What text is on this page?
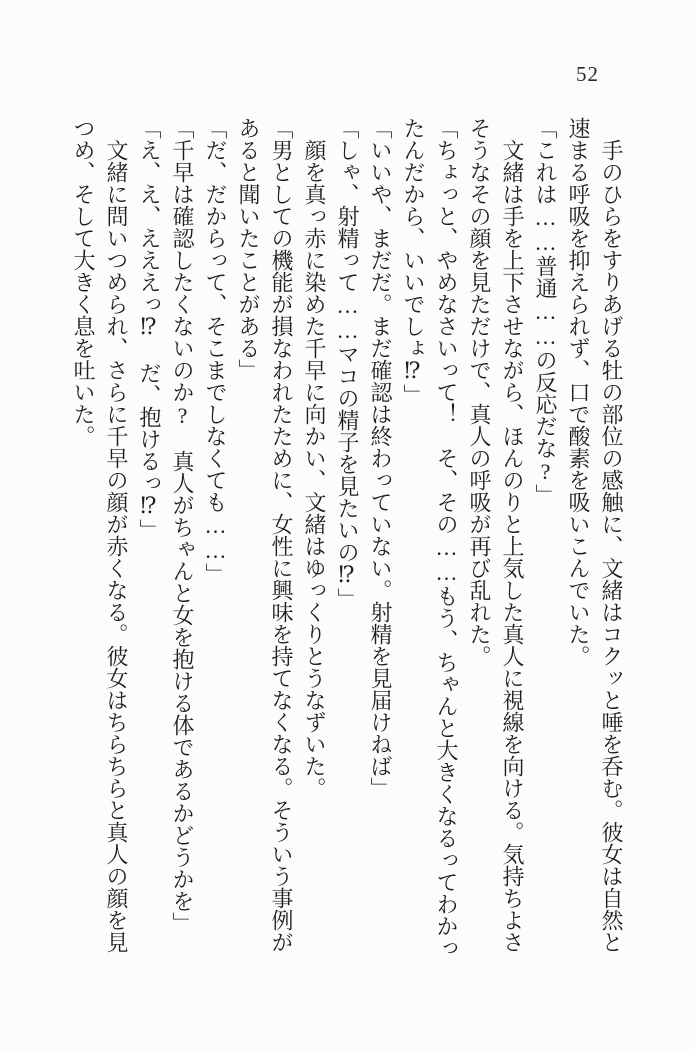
52

　手のひらをすりあげる牡の部位の感触に、文緒はコクッと唾を呑む。彼女は自然と

速まる呼吸を抑えられず、口で酸素を吸いこんでいた。

「これは……普通……の反応だな?」

　文緒は手を上下させながら、ほんのりと上気した真人に視線を向ける。気持ちよさ

そうなその顔を見ただけで、真人の呼吸が再び乱れた。

「ちょっと、やめなさいって！　そ、その……もう、ちゃんと大きくなるってわかっ

たんだから、いいでしょ⁉」

「いいや、まだだ。まだ確認は終わっていない。射精を見届けねば」

「しゃ、射精って……マコの精子を見たいの⁉」

　顔を真っ赤に染めた千早に向かい、文緒はゆっくりとうなずいた。

「男としての機能が損なわれたために、女性に興味を持てなくなる。そういう事例が

あると聞いたことがある」

「だ、だからって、そこまでしなくても……」

「千早は確認したくないのか?　真人がちゃんと女を抱ける体であるかどうかを」

「え、え、えええっ⁉　だ、抱けるっ⁉」

　文緒に問いつめられ、さらに千早の顔が赤くなる。彼女はちらちらと真人の顔を見

つめ、そして大きく息を吐いた。
